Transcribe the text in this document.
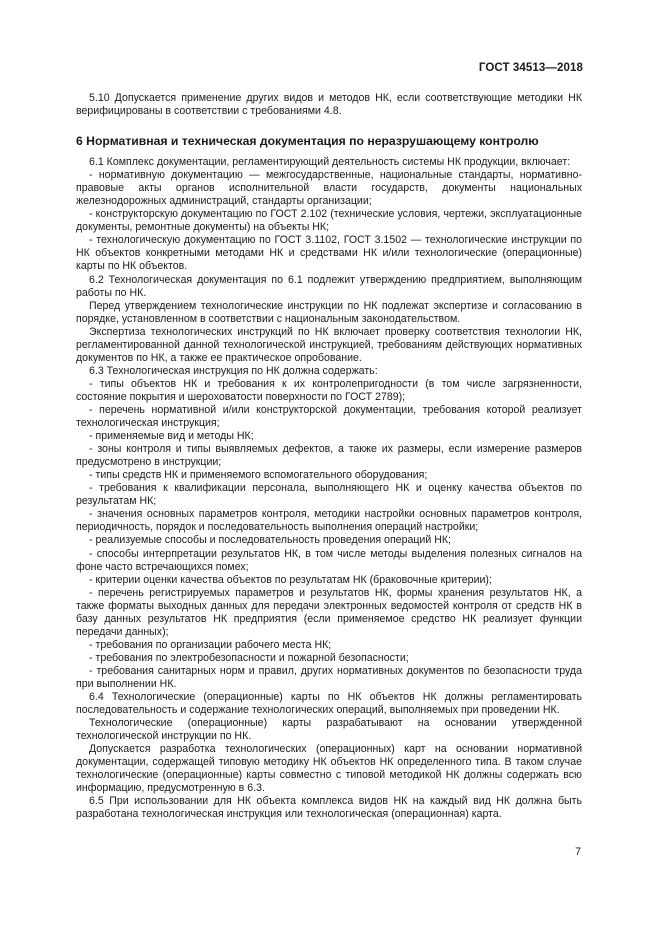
ГОСТ 34513—2018

5.10 Допускается применение других видов и методов НК, если соответствующие методики НК верифицированы в соответствии с требованиями 4.8.

6 Нормативная и техническая документация по неразрушающему контролю

6.1 Комплекс документации, регламентирующий деятельность системы НК продукции, включает:

- нормативную документацию — межгосударственные, национальные стандарты, нормативно-правовые акты органов исполнительной власти государств, документы национальных железнодорожных администраций, стандарты организации;

- конструкторскую документацию по ГОСТ 2.102 (технические условия, чертежи, эксплуатационные документы, ремонтные документы) на объекты НК;

- технологическую документацию по ГОСТ 3.1102, ГОСТ 3.1502 — технологические инструкции по НК объектов конкретными методами НК и средствами НК и/или технологические (операционные) карты по НК объектов.

6.2 Технологическая документация по 6.1 подлежит утверждению предприятием, выполняющим работы по НК.

Перед утверждением технологические инструкции по НК подлежат экспертизе и согласованию в порядке, установленном в соответствии с национальным законодательством.

Экспертиза технологических инструкций по НК включает проверку соответствия технологии НК, регламентированной данной технологической инструкцией, требованиям действующих нормативных документов по НК, а также ее практическое опробование.

6.3 Технологическая инструкция по НК должна содержать:

- типы объектов НК и требования к их контролепригодности (в том числе загрязненности, состояние покрытия и шероховатости поверхности по ГОСТ 2789);

- перечень нормативной и/или конструкторской документации, требования которой реализует технологическая инструкция;

- применяемые вид и методы НК;

- зоны контроля и типы выявляемых дефектов, а также их размеры, если измерение размеров предусмотрено в инструкции;

- типы средств НК и применяемого вспомогательного оборудования;

- требования к квалификации персонала, выполняющего НК и оценку качества объектов по результатам НК;

- значения основных параметров контроля, методики настройки основных параметров контроля, периодичность, порядок и последовательность выполнения операций настройки;

- реализуемые способы и последовательность проведения операций НК;

- способы интерпретации результатов НК, в том числе методы выделения полезных сигналов на фоне часто встречающихся помех;

- критерии оценки качества объектов по результатам НК (браковочные критерии);

- перечень регистрируемых параметров и результатов НК, формы хранения результатов НК, а также форматы выходных данных для передачи электронных ведомостей контроля от средств НК в базу данных результатов НК предприятия (если применяемое средство НК реализует функции передачи данных);

- требования по организации рабочего места НК;

- требования по электробезопасности и пожарной безопасности;

- требования санитарных норм и правил, других нормативных документов по безопасности труда при выполнении НК.

6.4 Технологические (операционные) карты по НК объектов НК должны регламентировать последовательность и содержание технологических операций, выполняемых при проведении НК.

Технологические (операционные) карты разрабатывают на основании утвержденной технологической инструкции по НК.

Допускается разработка технологических (операционных) карт на основании нормативной документации, содержащей типовую методику НК объектов НК определенного типа. В таком случае технологические (операционные) карты совместно с типовой методикой НК должны содержать всю информацию, предусмотренную в 6.3.

6.5 При использовании для НК объекта комплекса видов НК на каждый вид НК должна быть разработана технологическая инструкция или технологическая (операционная) карта.

7
